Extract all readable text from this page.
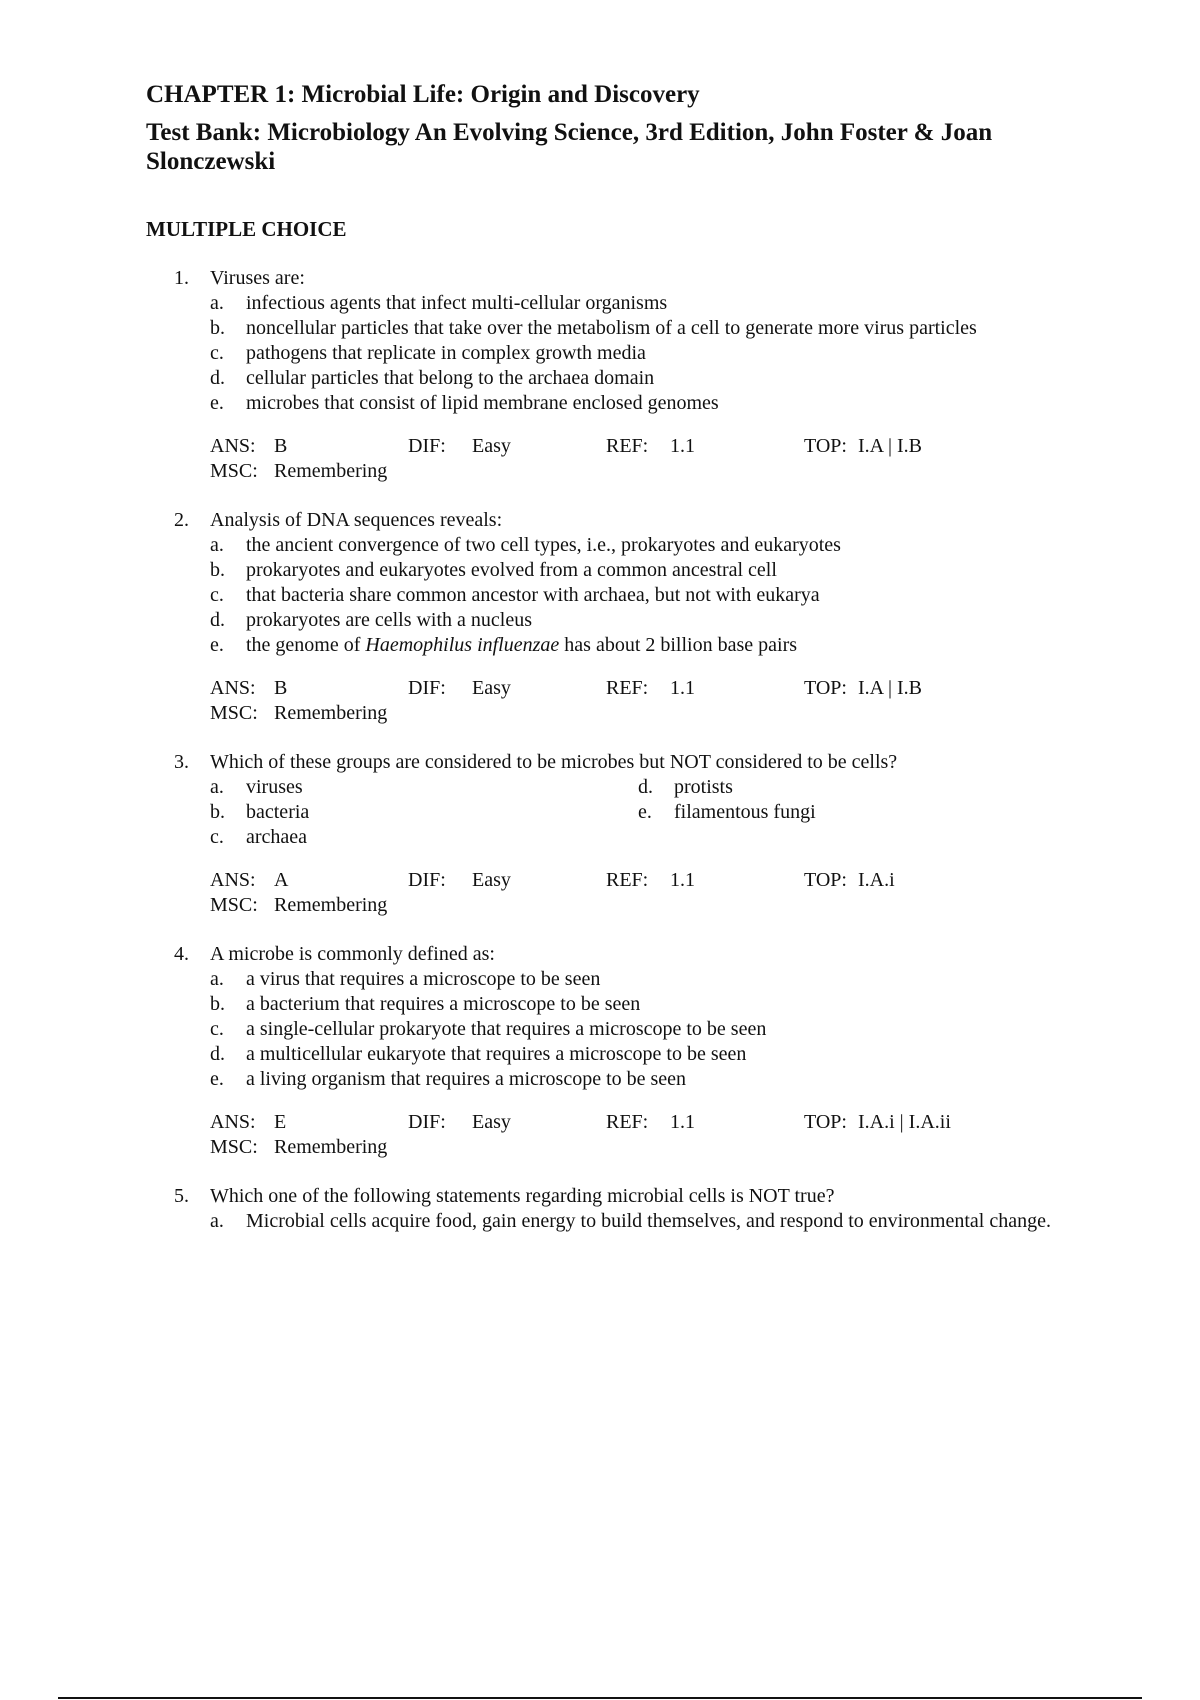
CHAPTER 1: Microbial Life: Origin and Discovery
Test Bank: Microbiology An Evolving Science, 3rd Edition, John Foster & Joan Slonczewski
MULTIPLE CHOICE
1.	Viruses are:
a.	infectious agents that infect multi-cellular organisms
b.	noncellular particles that take over the metabolism of a cell to generate more virus particles
c.	pathogens that replicate in complex growth media
d.	cellular particles that belong to the archaea domain
e.	microbes that consist of lipid membrane enclosed genomes
ANS: B	DIF:	Easy	REF:	1.1	TOP: I.A | I.B
MSC: Remembering
2.	Analysis of DNA sequences reveals:
a.	the ancient convergence of two cell types, i.e., prokaryotes and eukaryotes
b.	prokaryotes and eukaryotes evolved from a common ancestral cell
c.	that bacteria share common ancestor with archaea, but not with eukarya
d.	prokaryotes are cells with a nucleus
e.	the genome of Haemophilus influenzae has about 2 billion base pairs
ANS: B	DIF:	Easy	REF:	1.1	TOP: I.A | I.B
MSC: Remembering
3.	Which of these groups are considered to be microbes but NOT considered to be cells?
a.	viruses	d.	protists
b.	bacteria	e.	filamentous fungi
c.	archaea
ANS: A	DIF:	Easy	REF:	1.1	TOP: I.A.i
MSC: Remembering
4.	A microbe is commonly defined as:
a.	a virus that requires a microscope to be seen
b.	a bacterium that requires a microscope to be seen
c.	a single-cellular prokaryote that requires a microscope to be seen
d.	a multicellular eukaryote that requires a microscope to be seen
e.	a living organism that requires a microscope to be seen
ANS: E	DIF:	Easy	REF:	1.1	TOP: I.A.i | I.A.ii
MSC: Remembering
5.	Which one of the following statements regarding microbial cells is NOT true?
a.	Microbial cells acquire food, gain energy to build themselves, and respond to environmental change.
